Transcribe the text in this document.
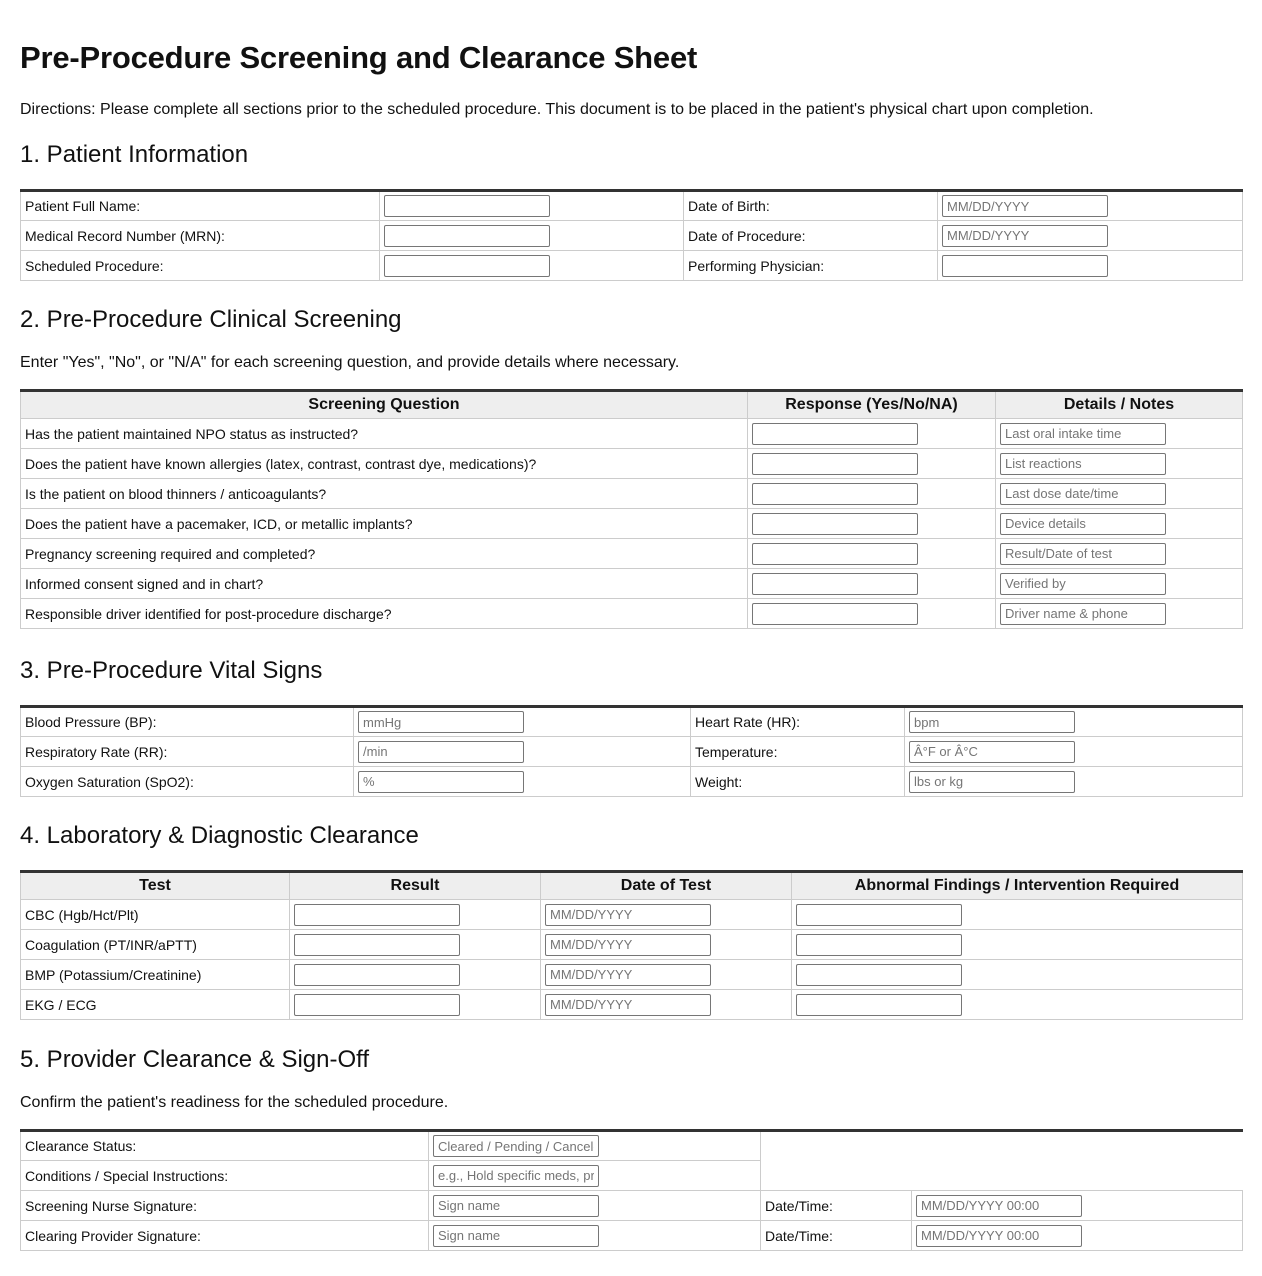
Pre-Procedure Screening and Clearance Sheet
Directions: Please complete all sections prior to the scheduled procedure. This document is to be placed in the patient's physical chart upon completion.
1. Patient Information
Patient Full Name:		Date of Birth:	MM/DD/YYYY
Medical Record Number (MRN):		Date of Procedure:	MM/DD/YYYY
Scheduled Procedure:		Performing Physician:	
2. Pre-Procedure Clinical Screening
Enter "Yes", "No", or "N/A" for each screening question, and provide details where necessary.
Screening Question	Response (Yes/No/NA)	Details / Notes
Has the patient maintained NPO status as instructed?		Last oral intake time
Does the patient have known allergies (latex, contrast, contrast dye, medications)?		List reactions
Is the patient on blood thinners / anticoagulants?		Last dose date/time
Does the patient have a pacemaker, ICD, or metallic implants?		Device details
Pregnancy screening required and completed?		Result/Date of test
Informed consent signed and in chart?		Verified by
Responsible driver identified for post-procedure discharge?		Driver name & phone
3. Pre-Procedure Vital Signs
Blood Pressure (BP):	mmHg	Heart Rate (HR):	bpm
Respiratory Rate (RR):	/min	Temperature:	Â°F or Â°C
Oxygen Saturation (SpO2):	%	Weight:	lbs or kg
4. Laboratory & Diagnostic Clearance
Test	Result	Date of Test	Abnormal Findings / Intervention Required
CBC (Hgb/Hct/Plt)		MM/DD/YYYY	
Coagulation (PT/INR/aPTT)		MM/DD/YYYY	
BMP (Potassium/Creatinine)		MM/DD/YYYY	
EKG / ECG		MM/DD/YYYY	
5. Provider Clearance & Sign-Off
Confirm the patient's readiness for the scheduled procedure.
Clearance Status:	Cleared / Pending / Canceled	
Conditions / Special Instructions:	e.g., Hold specific meds, prep
Screening Nurse Signature:	Sign name	Date/Time:	MM/DD/YYYY 00:00
Clearing Provider Signature:	Sign name	Date/Time:	MM/DD/YYYY 00:00
